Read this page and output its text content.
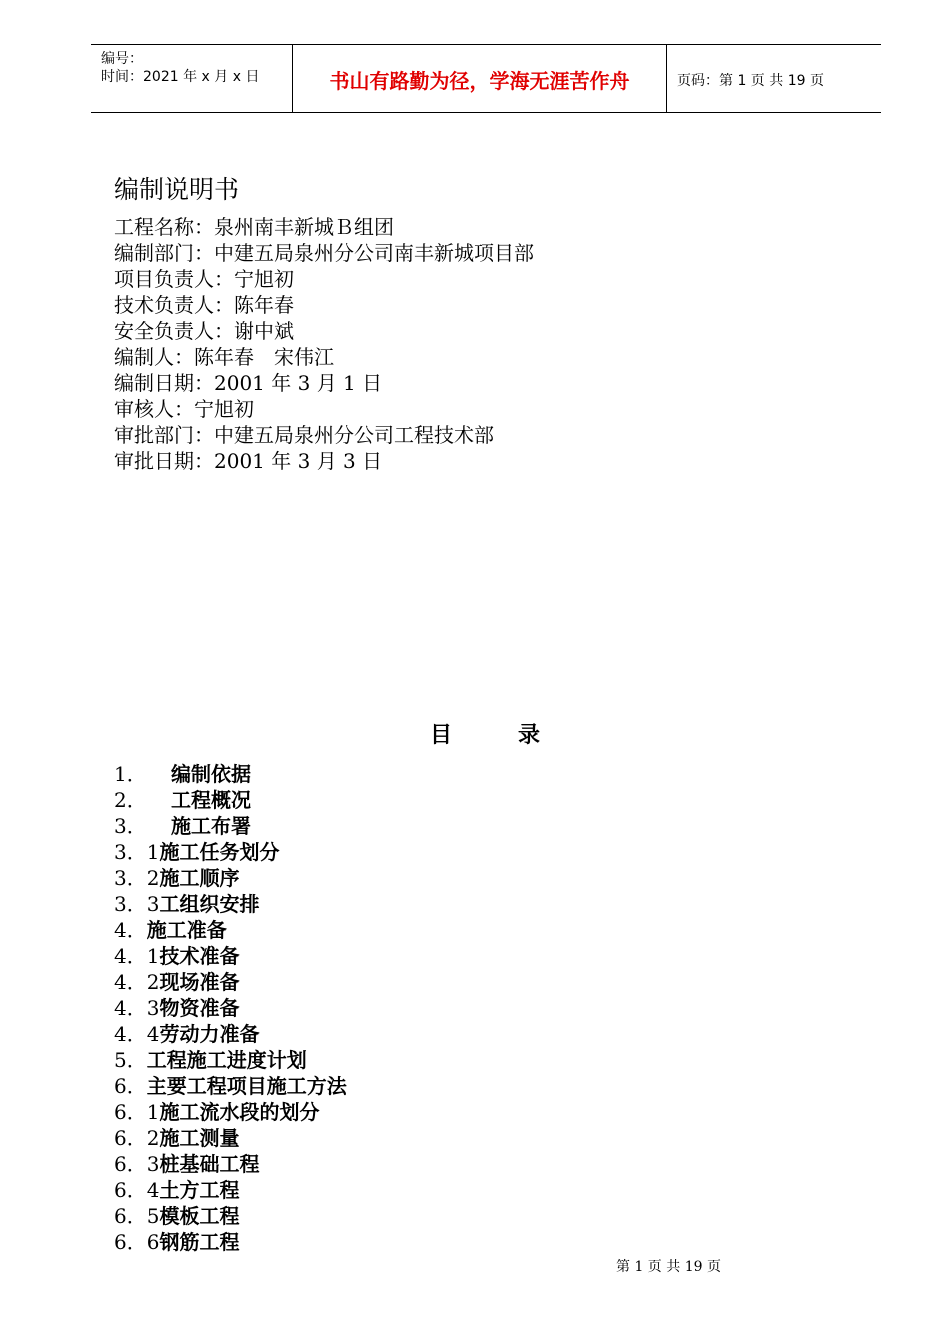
编号：
时间：2021 年 x 月 x 日	书山有路勤为径，学海无涯苦作舟	页码：第 1 页 共 19 页
编制说明书
工程名称：泉州南丰新城Ｂ组团
编制部门：中建五局泉州分公司南丰新城项目部
项目负责人：宁旭初
技术负责人：陈年春
安全负责人：谢中斌
编制人：陈年春　宋伟江
编制日期：2001 年 3 月 1 日
审核人：宁旭初
审批部门：中建五局泉州分公司工程技术部
审批日期：2001 年 3 月 3 日
目　　　录
1． 编制依据
2． 工程概况
3． 施工布署
3．1施工任务划分
3．2施工顺序
3．3工组织安排
4．施工准备
4．1技术准备
4．2现场准备
4．3物资准备
4．4劳动力准备
5．工程施工进度计划
6．主要工程项目施工方法
6．1施工流水段的划分
6．2施工测量
6．3桩基础工程
6．4土方工程
6．5模板工程
6．6钢筋工程
第 1 页 共 19 页
